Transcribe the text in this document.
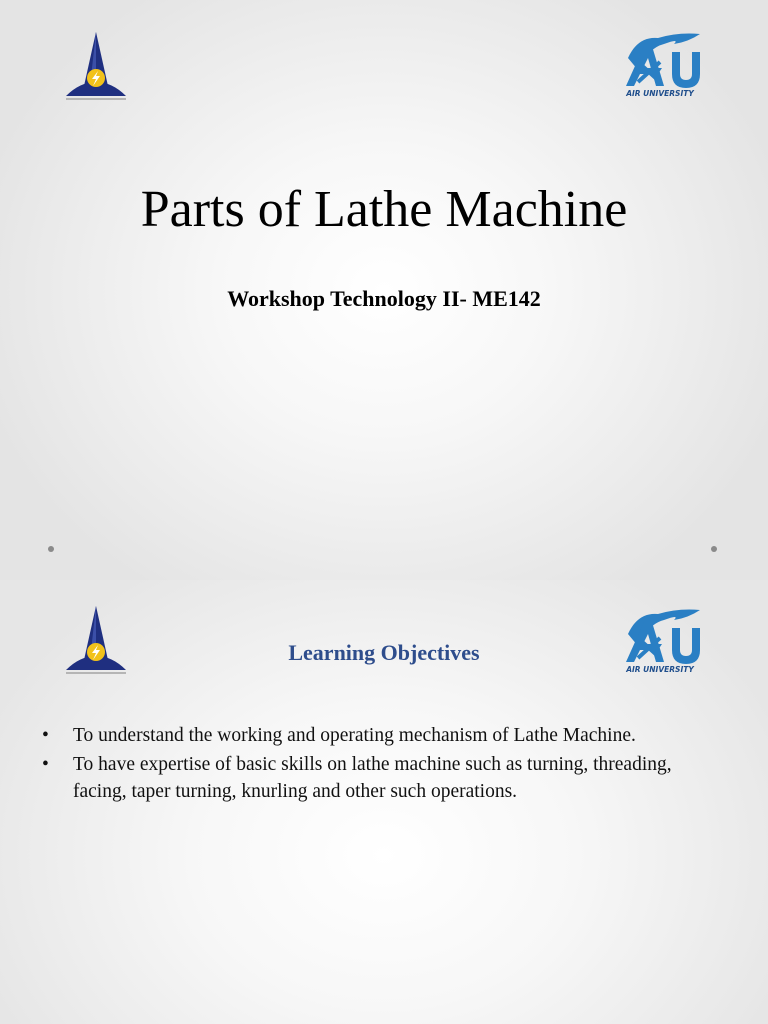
AIR UNIVERSITY
Parts of Lathe Machine
Workshop Technology II- ME142
AIR UNIVERSITY
Learning Objectives
• To understand the working and operating mechanism of Lathe Machine.
• To have expertise of basic skills on lathe machine such as turning, threading, facing, taper turning, knurling and other such operations.
